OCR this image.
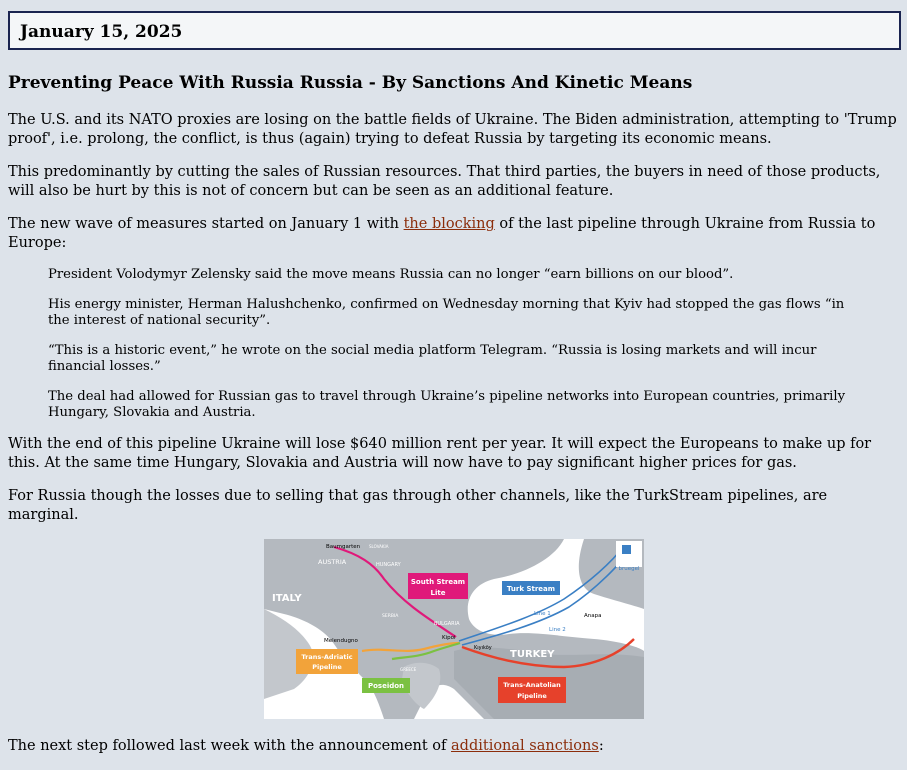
January 15, 2025
Preventing Peace With Russia Russia - By Sanctions And Kinetic Means

The U.S. and its NATO proxies are losing on the battle fields of Ukraine. The Biden administration, attempting to 'Trump proof', i.e. prolong, the conflict, is thus (again) trying to defeat Russia by targeting its economic means.

This predominantly by cutting the sales of Russian resources. That third parties, the buyers in need of those products, will also be hurt by this is not of concern but can be seen as an additional feature.

The new wave of measures started on January 1 with the blocking of the last pipeline through Ukraine from Russia to Europe:

President Volodymyr Zelensky said the move means Russia can no longer “earn billions on our blood”.

His energy minister, Herman Halushchenko, confirmed on Wednesday morning that Kyiv had stopped the gas flows “in the interest of national security”.

“This is a historic event,” he wrote on the social media platform Telegram. “Russia is losing markets and will incur financial losses.”

The deal had allowed for Russian gas to travel through Ukraine’s pipeline networks into European countries, primarily Hungary, Slovakia and Austria.

With the end of this pipeline Ukraine will lose $640 million rent per year. It will expect the Europeans to make up for this. At the same time Hungary, Slovakia and Austria will now have to pay significant higher prices for gas.

For Russia though the losses due to selling that gas through other channels, like the TurkStream pipelines, are marginal.

bruegel
Baumgarten SLOVAKIA
AUSTRIA	HUNGARY
ITALY
SERBIA
BULGARIA
Melendugno	Kipoi
Kıyıköy
Anapa
TURKEY
GREECE
Line 1
Line 2
South Stream
Lite	Turk Stream
Trans-Adriatic
Pipeline
Poseidon	Trans-Anatolian
Pipeline

The next step followed last week with the announcement of additional sanctions:
